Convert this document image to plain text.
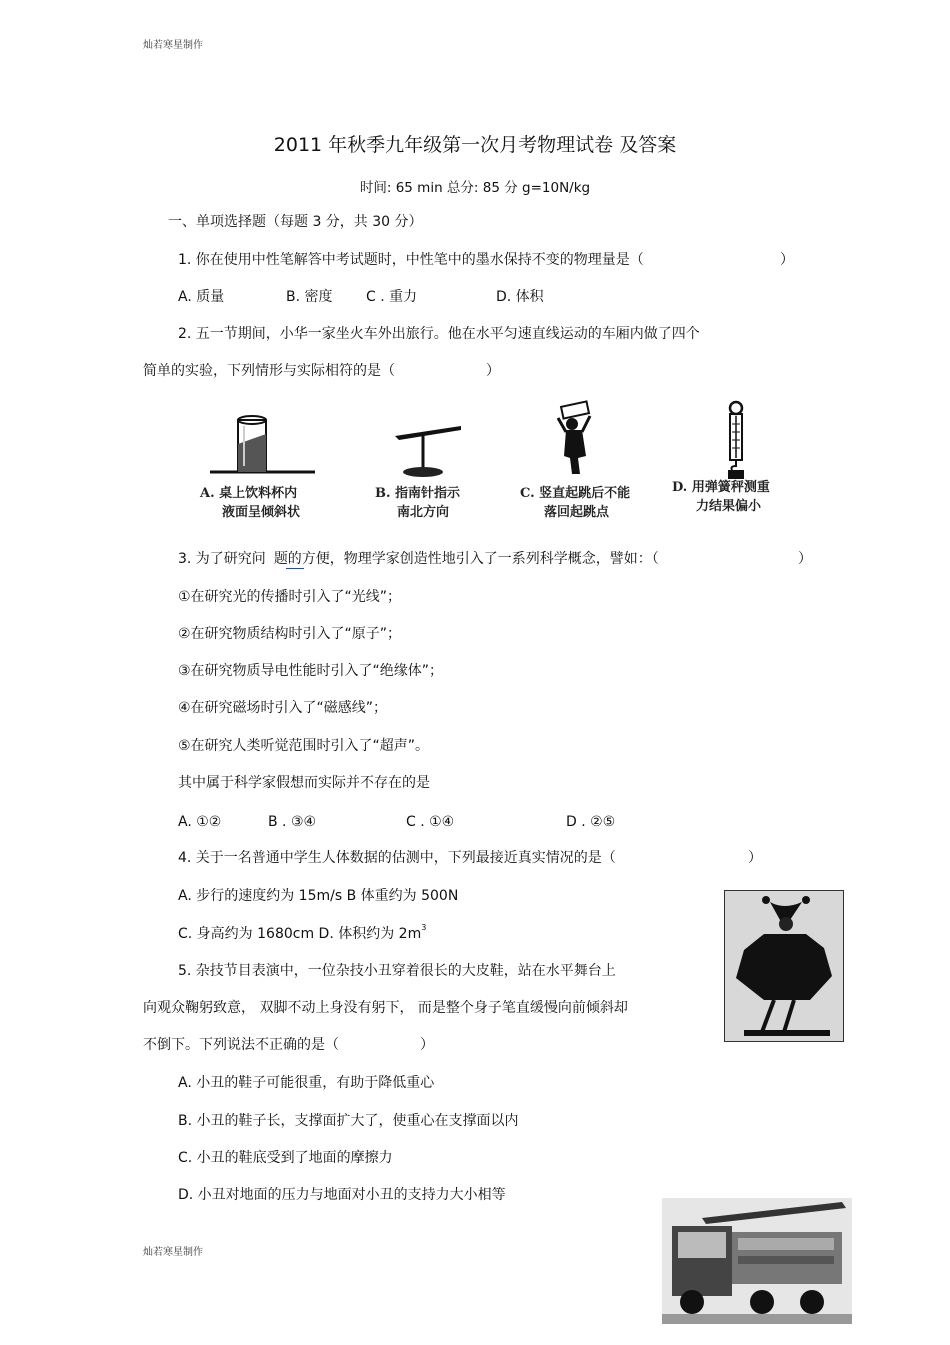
灿若寒星制作
2011 年秋季九年级第一次月考物理试卷 及答案
时间: 65 min 总分: 85 分 g=10N/kg
一、单项选择题（每题 3 分，共 30 分）
1. 你在使用中性笔解答中考试题时，中性笔中的墨水保持不变的物理量是（	）
A. 质量	B. 密度 C . 重力	D. 体积
2. 五一节期间，小华一家坐火车外出旅行。他在水平匀速直线运动的车厢内做了四个
简单的实验，下列情形与实际相符的是（	）
A. 桌上饮料杯内
液面呈倾斜状
B. 指南针指示
南北方向
C. 竖直起跳后不能
落回起跳点
D. 用弹簧秤测重
力结果偏小
3. 为了研究问 题的方便，物理学家创造性地引入了一系列科学概念，譬如：（	）
①在研究光的传播时引入了“光线”；
②在研究物质结构时引入了“原子”；
③在研究物质导电性能时引入了“绝缘体”；
④在研究磁场时引入了“磁感线”；
⑤在研究人类听觉范围时引入了“超声”。
其中属于科学家假想而实际并不存在的是
A. ①②	B . ③④	C . ①④	D . ②⑤
4. 关于一名普通中学生人体数据的估测中，下列最接近真实情况的是（	）
A. 步行的速度约为 15m/s B 体重约为 500N
C. 身高约为 1680cm D. 体积约为 $2m^3$
5. 杂技节目表演中，一位杂技小丑穿着很长的大皮鞋，站在水平舞台上
向观众鞠躬致意， 双脚不动上身没有躬下， 而是整个身子笔直缓慢向前倾斜却
不倒下。下列说法不正确的是（	）
A. 小丑的鞋子可能很重，有助于降低重心
B. 小丑的鞋子长，支撑面扩大了，使重心在支撑面以内
C. 小丑的鞋底受到了地面的摩擦力
D. 小丑对地面的压力与地面对小丑的支持力大小相等
灿若寒星制作
